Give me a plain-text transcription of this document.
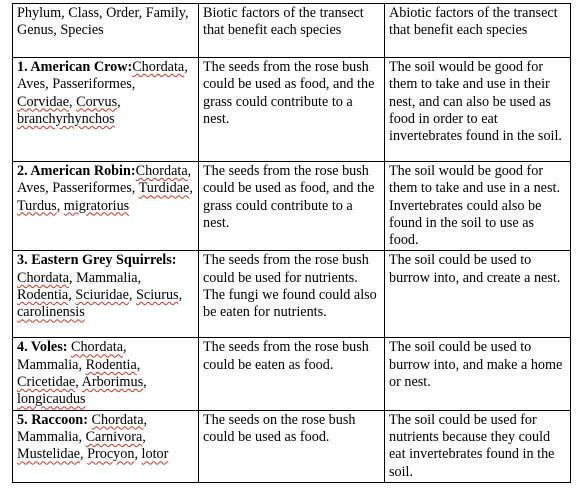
Phylum, Class, Order, Family, Genus, Species	Biotic factors of the transect that benefit each species	Abiotic factors of the transect that benefit each species
1. American Crow:Chordata, Aves, Passeriformes, Corvidae, Corvus, branchyrhynchos	The seeds from the rose bush could be used as food, and the grass could contribute to a nest.	The soil would be good for them to take and use in their nest, and can also be used as food in order to eat invertebrates found in the soil.
2. American Robin:Chordata, Aves, Passeriformes, Turdidae, Turdus, migratorius	The seeds from the rose bush could be used as food, and the grass could contribute to a nest.	The soil would be good for them to take and use in a nest. Invertebrates could also be found in the soil to use as food.
3. Eastern Grey Squirrels: Chordata, Mammalia, Rodentia, Sciuridae, Sciurus, carolinensis	The seeds from the rose bush could be used for nutrients. The fungi we found could also be eaten for nutrients.	The soil could be used to burrow into, and create a nest.
4. Voles: Chordata, Mammalia, Rodentia, Cricetidae, Arborimus, longicaudus	The seeds from the rose bush could be eaten as food.	The soil could be used to burrow into, and make a home or nest.
5. Raccoon: Chordata, Mammalia, Carnivora, Mustelidae, Procyon, lotor	The seeds on the rose bush could be used as food.	The soil could be used for nutrients because they could eat invertebrates found in the soil.
